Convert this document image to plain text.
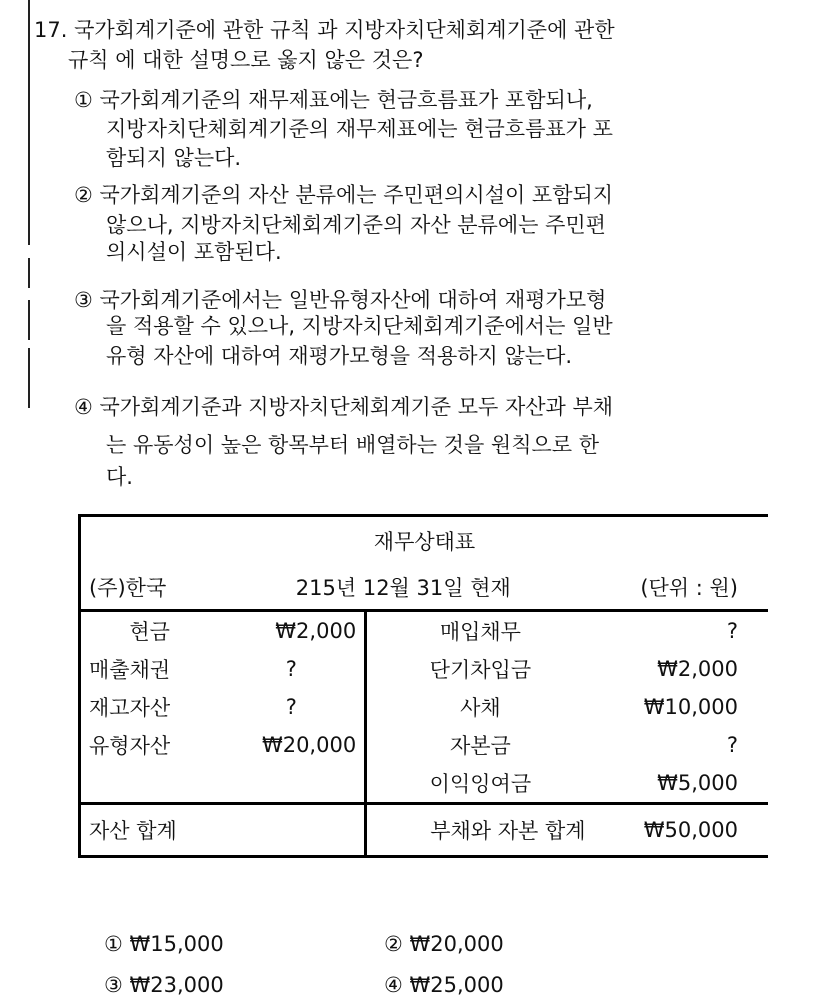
17. 국가회계기준에 관한 규칙 과 지방자치단체회계기준에 관한
규칙 에 대한 설명으로 옳지 않은 것은?
① 국가회계기준의 재무제표에는 현금흐름표가 포함되나,
지방자치단체회계기준의 재무제표에는 현금흐름표가 포
함되지 않는다.
② 국가회계기준의 자산 분류에는 주민편의시설이 포함되지
않으나, 지방자치단체회계기준의 자산 분류에는 주민편
의시설이 포함된다.
③ 국가회계기준에서는 일반유형자산에 대하여 재평가모형
을 적용할 수 있으나, 지방자치단체회계기준에서는 일반
유형 자산에 대하여 재평가모형을 적용하지 않는다.
④ 국가회계기준과 지방자치단체회계기준 모두 자산과 부채
는 유동성이 높은 항목부터 배열하는 것을 원칙으로 한
다.
재무상태표			

(주)한국 215년 12월 31일 현재 (단위 : 원)			

현금	₩2,000	매입채무	?
매출채권	?	단기차입금	₩2,000
재고자산	?	사채	₩10,000
유형자산	₩20,000	자본금	?
		이익잉여금	₩5,000
자산 합계		부채와 자본 합계	₩50,000
① ₩15,000	② ₩20,000
③ ₩23,000	④ ₩25,000
